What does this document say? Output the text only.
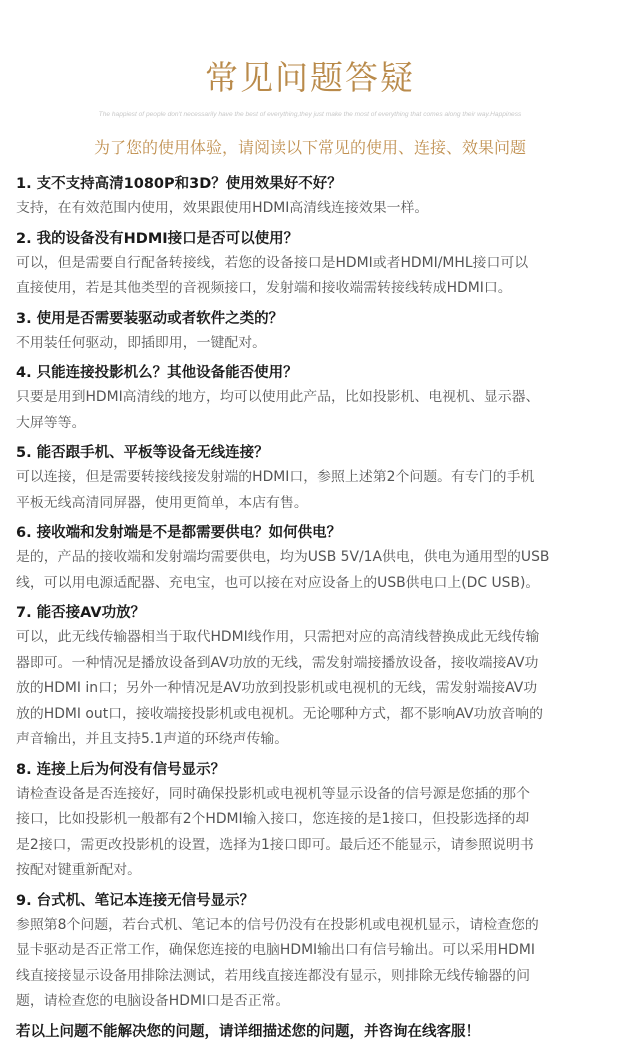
常见问题答疑
The happiest of people don't necessarily have the best of everything,they just make the most of everything that comes along their way.Happiness
为了您的使用体验，请阅读以下常见的使用、连接、效果问题
1. 支不支持高清1080P和3D？使用效果好不好？
支持，在有效范围内使用，效果跟使用HDMI高清线连接效果一样。
2. 我的设备没有HDMI接口是否可以使用？
可以，但是需要自行配备转接线，若您的设备接口是HDMI或者HDMI/MHL接口可以
直接使用，若是其他类型的音视频接口，发射端和接收端需转接线转成HDMI口。
3. 使用是否需要装驱动或者软件之类的？
不用装任何驱动，即插即用，一键配对。
4. 只能连接投影机么？其他设备能否使用？
只要是用到HDMI高清线的地方，均可以使用此产品，比如投影机、电视机、显示器、
大屏等等。
5. 能否跟手机、平板等设备无线连接？
可以连接，但是需要转接线接发射端的HDMI口，参照上述第2个问题。有专门的手机
平板无线高清同屏器，使用更简单，本店有售。
6. 接收端和发射端是不是都需要供电？如何供电？
是的，产品的接收端和发射端均需要供电，均为USB 5V/1A供电，供电为通用型的USB
线，可以用电源适配器、充电宝，也可以接在对应设备上的USB供电口上(DC USB)。
7. 能否接AV功放？
可以，此无线传输器相当于取代HDMI线作用，只需把对应的高清线替换成此无线传输
器即可。一种情况是播放设备到AV功放的无线，需发射端接播放设备，接收端接AV功
放的HDMI in口；另外一种情况是AV功放到投影机或电视机的无线，需发射端接AV功
放的HDMI out口，接收端接投影机或电视机。无论哪种方式，都不影响AV功放音响的
声音输出，并且支持5.1声道的环绕声传输。
8. 连接上后为何没有信号显示？
请检查设备是否连接好，同时确保投影机或电视机等显示设备的信号源是您插的那个
接口，比如投影机一般都有2个HDMI输入接口，您连接的是1接口，但投影选择的却
是2接口，需更改投影机的设置，选择为1接口即可。最后还不能显示，请参照说明书
按配对键重新配对。
9. 台式机、笔记本连接无信号显示？
参照第8个问题，若台式机、笔记本的信号仍没有在投影机或电视机显示，请检查您的
显卡驱动是否正常工作，确保您连接的电脑HDMI输出口有信号输出。可以采用HDMI
线直接接显示设备用排除法测试，若用线直接连都没有显示，则排除无线传输器的问
题，请检查您的电脑设备HDMI口是否正常。
若以上问题不能解决您的问题，请详细描述您的问题，并咨询在线客服！
